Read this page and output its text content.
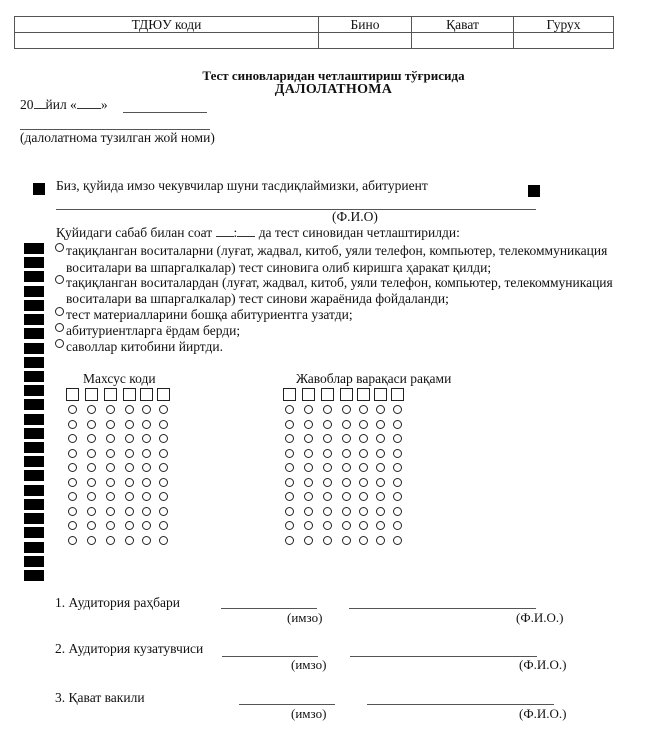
ТДЮУ коди	Бино	Қават	Гурух

Тест синовларидан четлаштириш тўғрисида
ДАЛОЛАТНОМА
20 йил « »
(далолатнома тузилган жой номи)
Биз, қуйида имзо чекувчилар шуни тасдиқлаймизки, абитуриент
(Ф.И.О)
Қуйидаги сабаб билан соат : да тест синовидан четлаштирилди:
тақиқланган воситаларни (луғат, жадвал, китоб, уяли телефон, компьютер, телекоммуникация
воситалари ва шпаргалкалар) тест синовига олиб киришга ҳаракат қилди;
тақиқланган воситалардан (луғат, жадвал, китоб, уяли телефон, компьютер, телекоммуникация
воситалари ва шпаргалкалар) тест синови жараёнида фойдаланди;
тест материалларини бошқа абитуриентга узатди;
абитуриентларга ёрдам берди;
саволлар китобини йиртди.
Махсус коди	Жавоблар варақаси рақами
1. Аудитория раҳбари
(имзо)	(Ф.И.О.)
2. Аудитория кузатувчиси
(имзо)	(Ф.И.О.)
3. Қават вакили
(имзо)	(Ф.И.О.)
